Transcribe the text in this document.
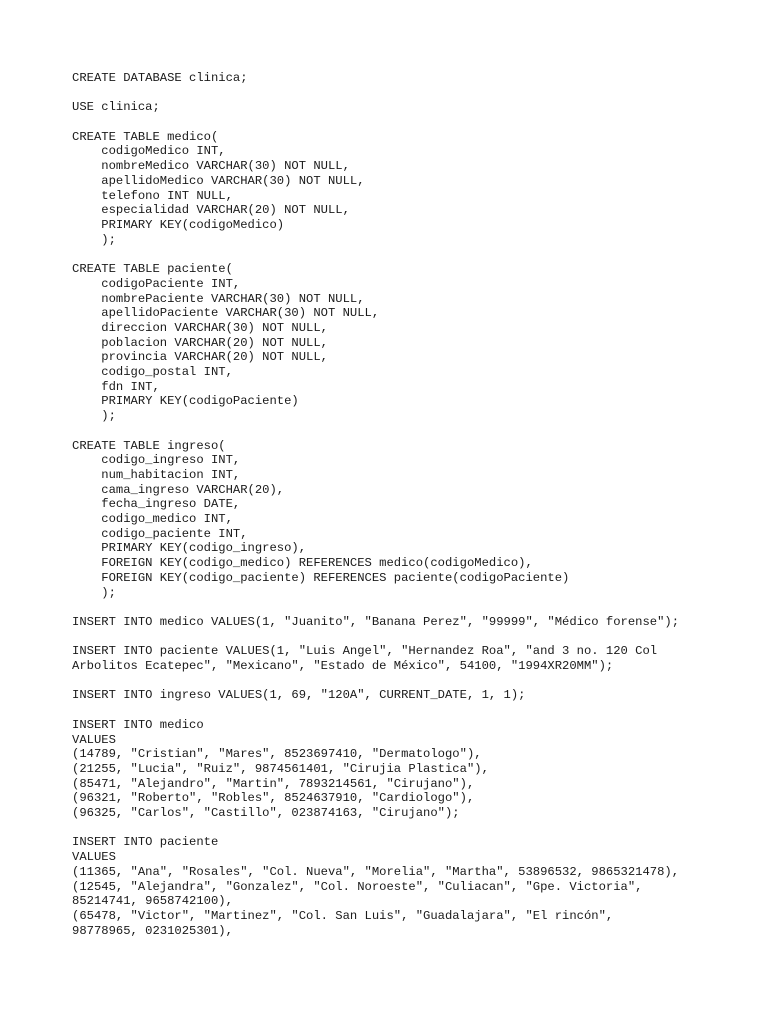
CREATE DATABASE clinica;
USE clinica;
CREATE TABLE medico(
codigoMedico INT,
nombreMedico VARCHAR(30) NOT NULL,
apellidoMedico VARCHAR(30) NOT NULL,
telefono INT NULL,
especialidad VARCHAR(20) NOT NULL,
PRIMARY KEY(codigoMedico)
);
CREATE TABLE paciente(
codigoPaciente INT,
nombrePaciente VARCHAR(30) NOT NULL,
apellidoPaciente VARCHAR(30) NOT NULL,
direccion VARCHAR(30) NOT NULL,
poblacion VARCHAR(20) NOT NULL,
provincia VARCHAR(20) NOT NULL,
codigo_postal INT,
fdn INT,
PRIMARY KEY(codigoPaciente)
);
CREATE TABLE ingreso(
codigo_ingreso INT,
num_habitacion INT,
cama_ingreso VARCHAR(20),
fecha_ingreso DATE,
codigo_medico INT,
codigo_paciente INT,
PRIMARY KEY(codigo_ingreso),
FOREIGN KEY(codigo_medico) REFERENCES medico(codigoMedico),
FOREIGN KEY(codigo_paciente) REFERENCES paciente(codigoPaciente)
);
INSERT INTO medico VALUES(1, "Juanito", "Banana Perez", "99999", "Médico forense");
INSERT INTO paciente VALUES(1, "Luis Angel", "Hernandez Roa", "and 3 no. 120 Col
Arbolitos Ecatepec", "Mexicano", "Estado de México", 54100, "1994XR20MM");
INSERT INTO ingreso VALUES(1, 69, "120A", CURRENT_DATE, 1, 1);
INSERT INTO medico
VALUES
(14789, "Cristian", "Mares", 8523697410, "Dermatologo"),
(21255, "Lucia", "Ruiz", 9874561401, "Cirujia Plastica"),
(85471, "Alejandro", "Martin", 7893214561, "Cirujano"),
(96321, "Roberto", "Robles", 8524637910, "Cardiologo"),
(96325, "Carlos", "Castillo", 023874163, "Cirujano");
INSERT INTO paciente
VALUES
(11365, "Ana", "Rosales", "Col. Nueva", "Morelia", "Martha", 53896532, 9865321478),
(12545, "Alejandra", "Gonzalez", "Col. Noroeste", "Culiacan", "Gpe. Victoria",
85214741, 9658742100),
(65478, "Victor", "Martinez", "Col. San Luis", "Guadalajara", "El rincón",
98778965, 0231025301),
